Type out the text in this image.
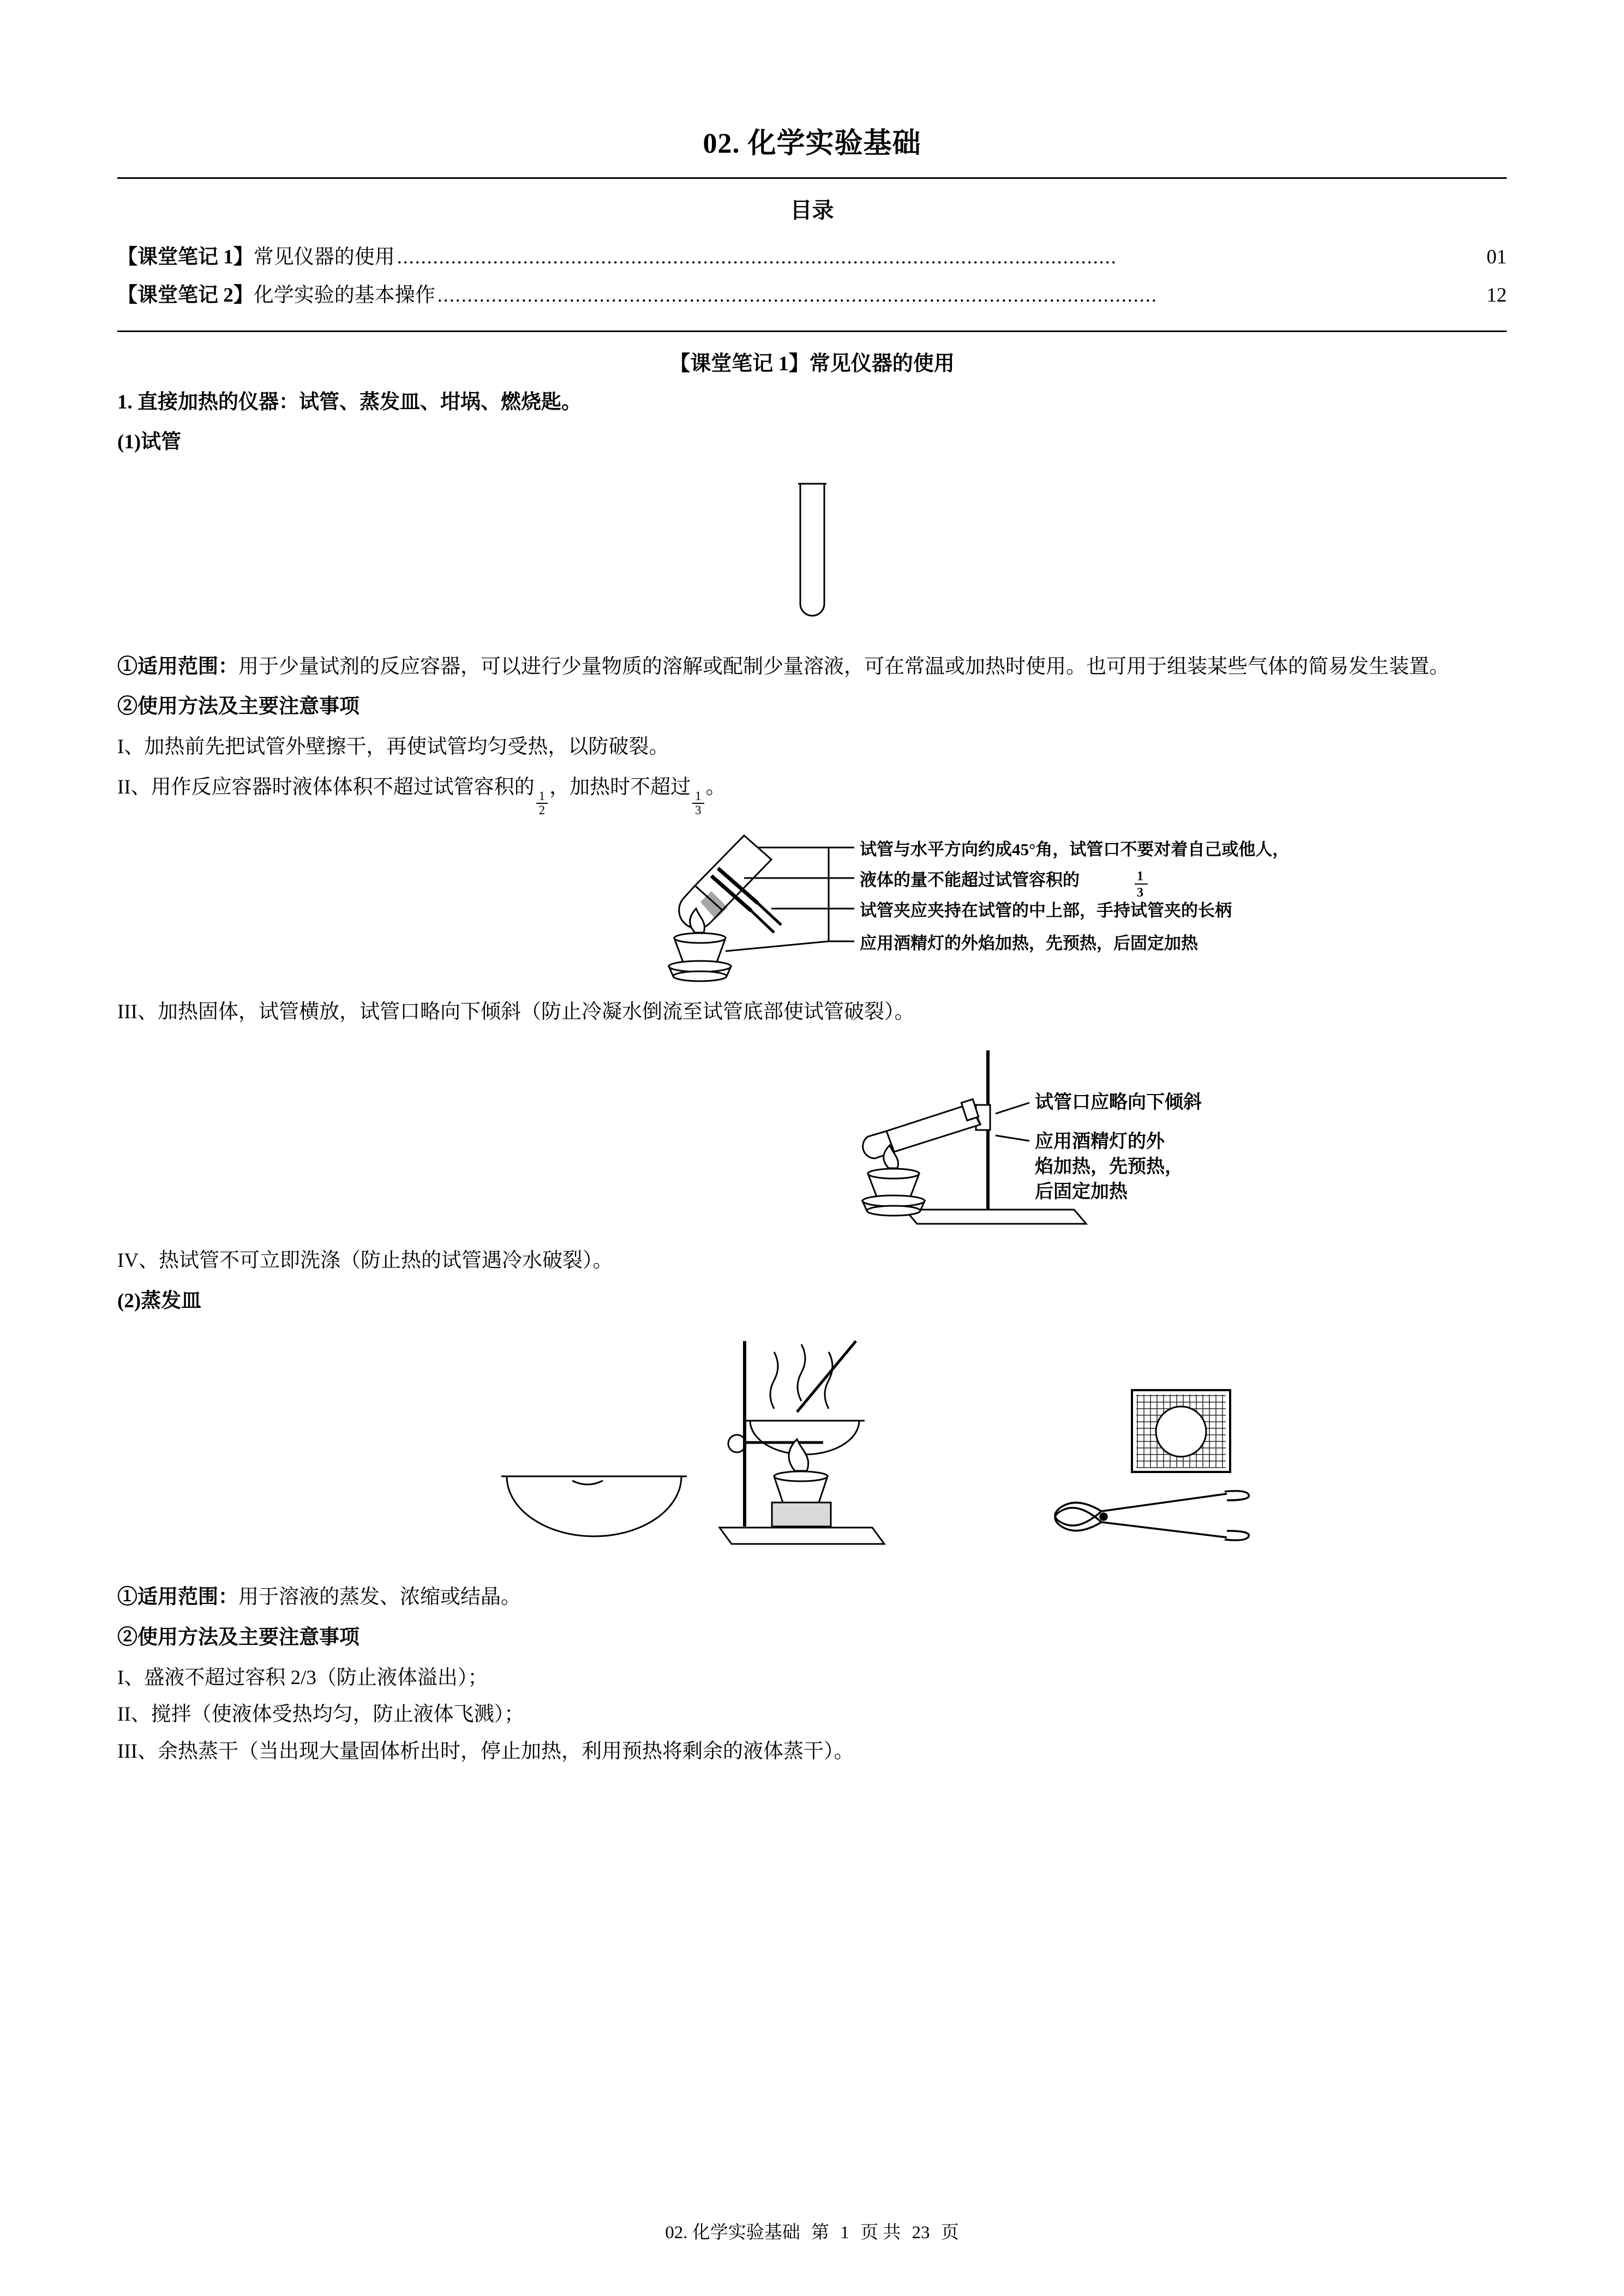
02. 化学实验基础
目录
【课堂笔记 1】 常见仪器的使用 ........................................................................................................................	01
【课堂笔记 2】 化学实验的基本操作 ........................................................................................................................	12
【课堂笔记 1】常见仪器的使用

1. 直接加热的仪器：试管、蒸发皿、坩埚、燃烧匙。

(1)试管

①适用范围：用于少量试剂的反应容器，可以进行少量物质的溶解或配制少量溶液，可在常温或加热时使用。也可用于组装某些气体的简易发生装置。

②使用方法及主要注意事项

I、加热前先把试管外壁擦干，再使试管均匀受热，以防破裂。

II、用作反应容器时液体体积不超过试管容积的
$\frac{1}{2}$
，加热时不超过
$\frac{1}{3}$
。

试管与水平方向约成45°角，试管口不要对着自己或他人，
液体的量不能超过试管容积的	1
3
试管夹应夹持在试管的中上部，手持试管夹的长柄
应用酒精灯的外焰加热，先预热，后固定加热

III、加热固体，试管横放，试管口略向下倾斜（防止冷凝水倒流至试管底部使试管破裂）。

试管口应略向下倾斜
应用酒精灯的外
焰加热，先预热，
后固定加热

IV、热试管不可立即洗涤（防止热的试管遇冷水破裂）。

(2)蒸发皿

①适用范围：用于溶液的蒸发、浓缩或结晶。

②使用方法及主要注意事项

I、盛液不超过容积 2/3（防止液体溢出）；

II、搅拌（使液体受热均匀，防止液体飞溅）；

III、余热蒸干（当出现大量固体析出时，停止加热，利用预热将剩余的液体蒸干）。

02. 化学实验基础 第 1 页 共 23 页
